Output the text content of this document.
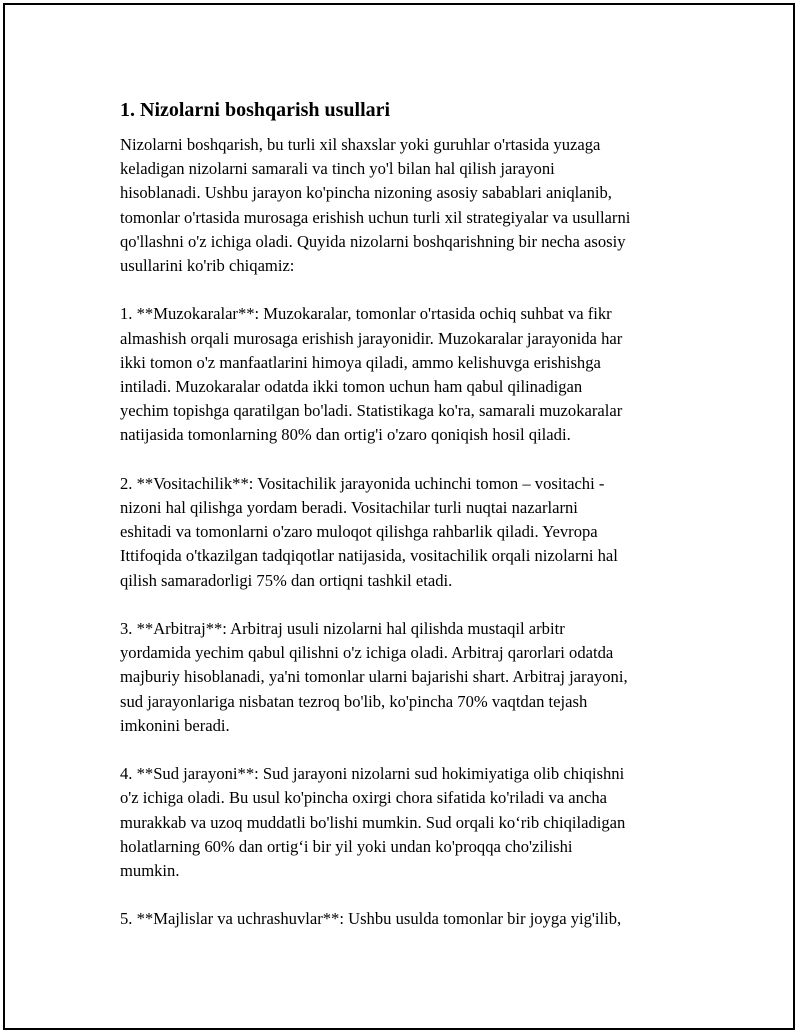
1. Nizolarni boshqarish usullari

Nizolarni boshqarish, bu turli xil shaxslar yoki guruhlar o'rtasida yuzaga
keladigan nizolarni samarali va tinch yo'l bilan hal qilish jarayoni
hisoblanadi. Ushbu jarayon ko'pincha nizoning asosiy sabablari aniqlanib,
tomonlar o'rtasida murosaga erishish uchun turli xil strategiyalar va usullarni
qo'llashni o'z ichiga oladi. Quyida nizolarni boshqarishning bir necha asosiy
usullarini ko'rib chiqamiz:

1. **Muzokaralar**: Muzokaralar, tomonlar o'rtasida ochiq suhbat va fikr
almashish orqali murosaga erishish jarayonidir. Muzokaralar jarayonida har
ikki tomon o'z manfaatlarini himoya qiladi, ammo kelishuvga erishishga
intiladi. Muzokaralar odatda ikki tomon uchun ham qabul qilinadigan
yechim topishga qaratilgan bo'ladi. Statistikaga ko'ra, samarali muzokaralar
natijasida tomonlarning 80% dan ortig'i o'zaro qoniqish hosil qiladi.

2. **Vositachilik**: Vositachilik jarayonida uchinchi tomon – vositachi -
nizoni hal qilishga yordam beradi. Vositachilar turli nuqtai nazarlarni
eshitadi va tomonlarni o'zaro muloqot qilishga rahbarlik qiladi. Yevropa
Ittifoqida o'tkazilgan tadqiqotlar natijasida, vositachilik orqali nizolarni hal
qilish samaradorligi 75% dan ortiqni tashkil etadi.

3. **Arbitraj**: Arbitraj usuli nizolarni hal qilishda mustaqil arbitr
yordamida yechim qabul qilishni o'z ichiga oladi. Arbitraj qarorlari odatda
majburiy hisoblanadi, ya'ni tomonlar ularni bajarishi shart. Arbitraj jarayoni,
sud jarayonlariga nisbatan tezroq bo'lib, ko'pincha 70% vaqtdan tejash
imkonini beradi.

4. **Sud jarayoni**: Sud jarayoni nizolarni sud hokimiyatiga olib chiqishni
o'z ichiga oladi. Bu usul ko'pincha oxirgi chora sifatida ko'riladi va ancha
murakkab va uzoq muddatli bo'lishi mumkin. Sud orqali ko‘rib chiqiladigan
holatlarning 60% dan ortig‘i bir yil yoki undan ko'proqqa cho'zilishi
mumkin.

5. **Majlislar va uchrashuvlar**: Ushbu usulda tomonlar bir joyga yig'ilib,
